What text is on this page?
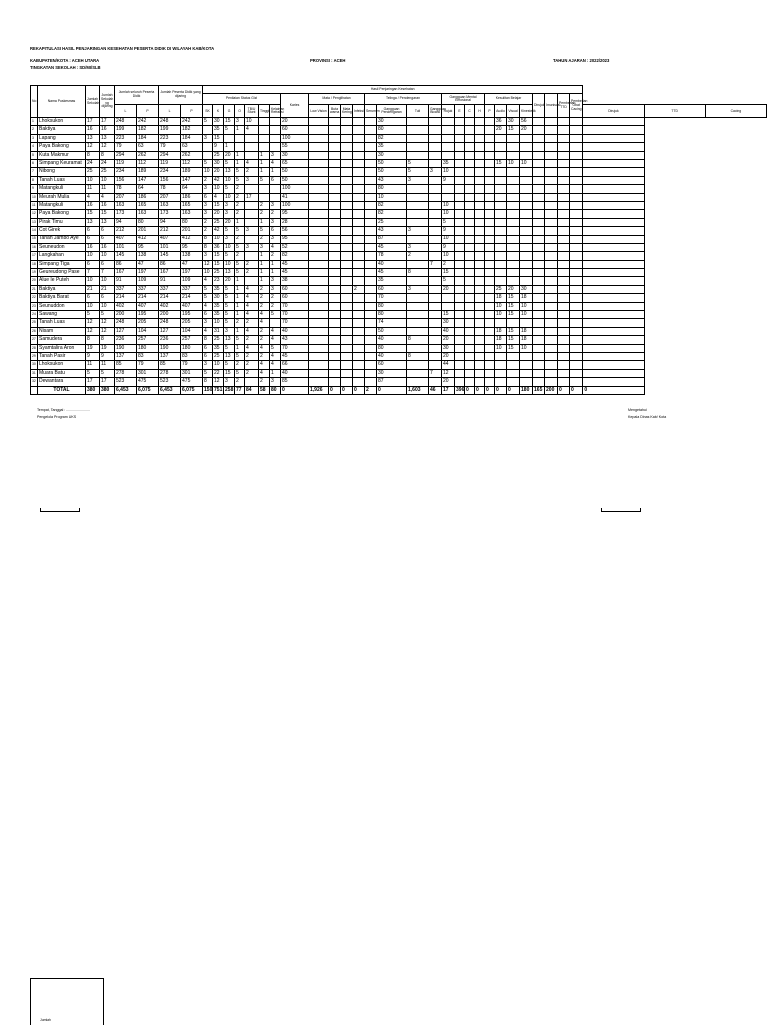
REKAPITULASI HASIL PENJARINGAN KESEHATAN PESERTA DIDIK DI WILAYAH KAB/KOTA
KABUPATEN/KOTA : ACEH UTARA
TINGKATAN SEKOLAH : SD/MI/SLB
PROVINSI : ACEH	TAHUN AJARAN : 2022/2023
No	Nama Puskesmas	Jumlah Sekolah	Jumlah Sekolah yg dijaring	Jumlah seluruh Peserta Didik		Jumlah Peserta Didik yang dijaring		Hasil Penjaringan Kesehatan																														
								Penilaian Status Gizi							Karies	Mata / Penglihatan				Telinga / Pendengaran				Gangguan Mental Emosional				Kesulitan Belajar				Dirujuk	Imunisasi	Pemberian TTD	Pemberian Obat Cacing			
				L	P	L	P	SK	K	G	O	TB/U Stunt	Tinggi	Kelainan Refraksi		Low Vision	Buta warna	Mata Kering	Infeksi	Serumen	Gangguan Pendengaran	Tuli	Gangguan Bicara	Rujuk	E	C	H	P	Audio	Visual	Kinestetik					Dirujuk	TTD	Cacing
1	Lhoksukon	17	17	248	242	248	242	5	30	15	3	10			20						30								36	30	56							
2	Baktiya	16	16	199	182	199	182		35	5	1	4			60						80								20	15	20							
3	Lapang	13	13	223	184	223	184	3	15						100						82																	
4	Paya Bakong	12	12	79	63	79	63		9	1					55						35																	
5	Kuta Makmur	8	8	294	262	294	262		25	20	1		1	3	30						30																	
6	Simpang Keuramat	24	24	119	112	119	112	5	30	5	1	4	1	4	65						50	5		35					15	10	10							
7	Nibong	25	25	234	189	234	189	10	20	13	5	2	1	1	50						50	5	3	10														
8	Tanah Luas	10	10	156	147	156	147	2	42	10	5	3	5	6	50						43	3		9														
9	Matangkuli	11	11	78	64	78	64	3	10	5	2				100						80																	
10	Meurah Mulia	4	4	207	186	207	186	6	4	10	2	17			41						10																	
11	Matangkuli	16	16	163	165	163	165	3	15	3	2		2	3	100						82			10														
12	Paya Bakong	15	15	173	163	173	163	3	20	3	2		2	2	95						82			10														
13	Pirak Timu	13	13	94	80	94	80	2	25	20	1		1	3	28						25			5														
14	Cot Girek	6	6	212	201	212	201	2	42	5	5	3	5	6	56						43	3		9														
15	Tanah Jambo Aye	6	6	407	412	407	412	8	10	3	2		2	3	95						87			10														
16	Seuneudon	16	16	101	95	101	95	8	36	10	5	3	3	4	52						45	3		9														
17	Langkahan	10	10	145	138	145	138	3	15	5	2		1	2	82						78	2		10														
18	Simpang Tiga	6	6	86	47	86	47	12	15	10	5	2	1	1	45						40		7	2														
19	Geureudong Pase	7	7	167	197	167	197	10	25	13	5	2	1	1	45						45	8		15														
20	Alue Ie Puteh	10	10	91	109	91	109	4	23	20	1		1	3	38						35			5														
21	Baktiya	21	21	337	337	337	337	5	35	5	1	4	2	3	60				2		60	3		20					25	20	30							
22	Baktiya Barat	6	6	214	214	214	214	5	30	5	1	4	2	2	60						70								18	15	18							
23	Seunuddon	10	10	402	407	402	407	4	35	5	1	4	2	2	70						80								10	15	10							
24	Sawang	5	5	200	195	200	195	6	35	5	1	4	4	5	70						80			15					10	15	10							
25	Tanah Luas	12	12	248	205	248	205	3	10	5	2	2	4		70						74			30														
26	Nisam	12	12	127	104	127	104	4	31	3	1	4	2	4	40						50			40					18	15	18							
27	Samudera	8	8	236	257	236	257	8	25	13	5	2	2	4	43						40	8		20					18	15	18							
28	Syamtalira Aron	19	19	190	180	190	180	6	35	5	1	4	4	5	70						80			30					10	15	10							
29	Tanah Pasir	9	9	137	83	137	83	6	25	13	5	2	2	4	45						40	8		20														
30	Lhoksukon	11	11	85	79	85	79	3	10	5	2	2	4	4	66						60			44														
31	Muara Batu	5	5	278	301	278	301	5	22	15	5	2	4	1	40						30		7	12														
32	Dewantara	17	17	523	475	523	475	8	12	3	2		2	3	85						87			20														
	TOTAL	380	380	6,453	6,075	6,453	6,075	150	751	258	77	84	58	80	0	1,926	0	0	0	2	0	1,603	46	17	396	0	0	0	0	0	180	165	200	0	0	0		
Tempat, Tanggal : ........................
Pengelola Program UKS
Mengetahui
Kepala Dinas Kab/ Kota
Jumlah
